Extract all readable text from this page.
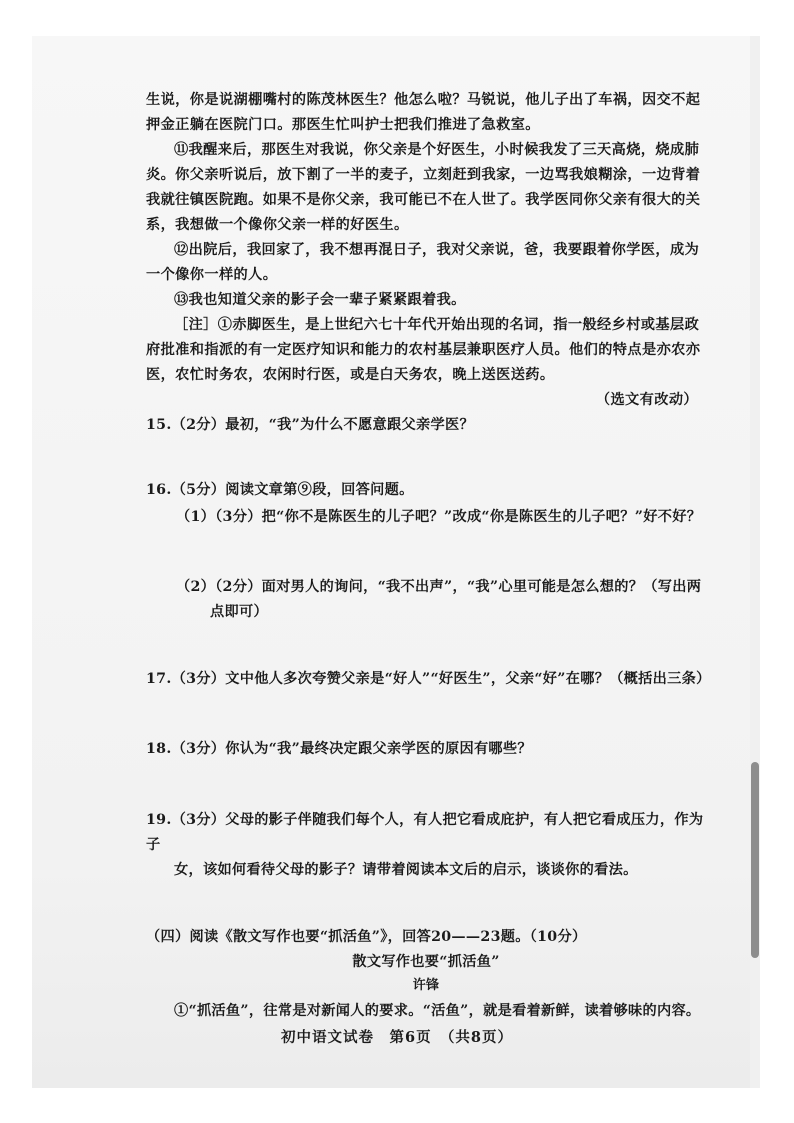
生说，你是说湖棚嘴村的陈茂林医生？他怎么啦？马锐说，他儿子出了车祸，因交不起押金正躺在医院门口。那医生忙叫护士把我们推进了急救室。

⑪我醒来后，那医生对我说，你父亲是个好医生，小时候我发了三天高烧，烧成肺炎。你父亲听说后，放下割了一半的麦子，立刻赶到我家，一边骂我娘糊涂，一边背着我就往镇医院跑。如果不是你父亲，我可能已不在人世了。我学医同你父亲有很大的关系，我想做一个像你父亲一样的好医生。

⑫出院后，我回家了，我不想再混日子，我对父亲说，爸，我要跟着你学医，成为一个像你一样的人。

⑬我也知道父亲的影子会一辈子紧紧跟着我。

［注］①赤脚医生，是上世纪六七十年代开始出现的名词，指一般经乡村或基层政府批准和指派的有一定医疗知识和能力的农村基层兼职医疗人员。他们的特点是亦农亦医，农忙时务农，农闲时行医，或是白天务农，晚上送医送药。

（选文有改动）

15.（2分）最初，“我”为什么不愿意跟父亲学医？

16.（5分）阅读文章第⑨段，回答问题。

（1）（3分）把“你不是陈医生的儿子吧？”改成“你是陈医生的儿子吧？”好不好？

（2）（2分）面对男人的询问，“我不出声”，“我”心里可能是怎么想的？（写出两

点即可）

17.（3分）文中他人多次夸赞父亲是“好人”“好医生”，父亲“好”在哪？（概括出三条）

18.（3分）你认为“我”最终决定跟父亲学医的原因有哪些？

19.（3分）父母的影子伴随我们每个人，有人把它看成庇护，有人把它看成压力，作为子

女，该如何看待父母的影子？请带着阅读本文后的启示，谈谈你的看法。

（四）阅读《散文写作也要“抓活鱼”》，回答20——23题。（10分）

散文写作也要“抓活鱼”

许锋

①“抓活鱼”，往常是对新闻人的要求。“活鱼”，就是看着新鲜，读着够味的内容。

初中语文试卷　第6页　（共8页）
